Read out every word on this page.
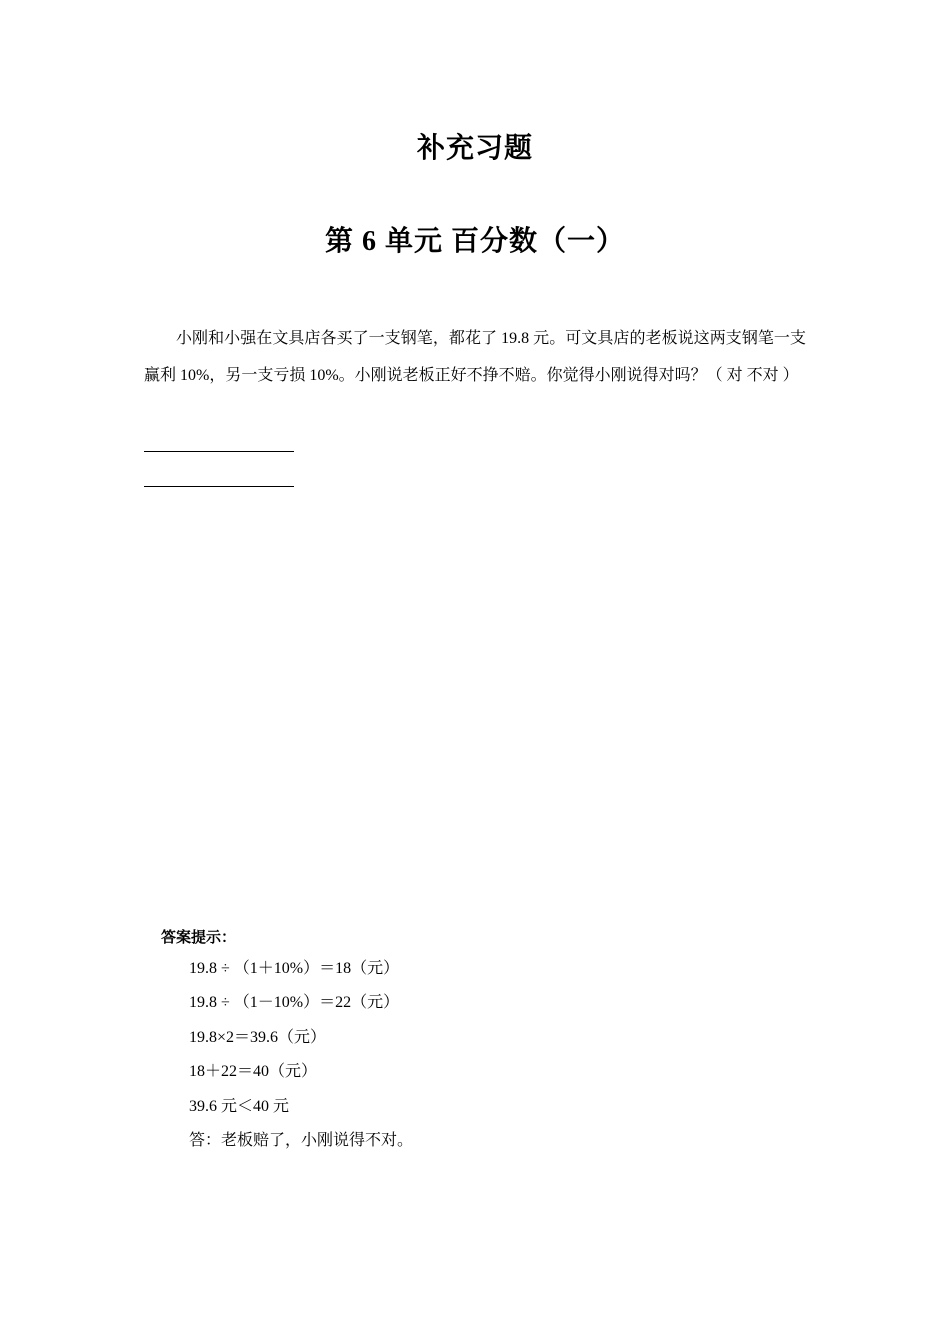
补充习题
第 6 单元 百分数（一）

小刚和小强在文具店各买了一支钢笔，都花了 19.8 元。可文具店的老板说这两支钢笔一支赢利 10%，另一支亏损 10%。小刚说老板正好不挣不赔。你觉得小刚说得对吗？（ 对 不对 ）

答案提示：
19.8 ÷ （1＋10%）＝18（元）
19.8 ÷ （1－10%）＝22（元）
19.8×2＝39.6（元）
18＋22＝40（元）
39.6 元＜40 元
答：老板赔了，小刚说得不对。
